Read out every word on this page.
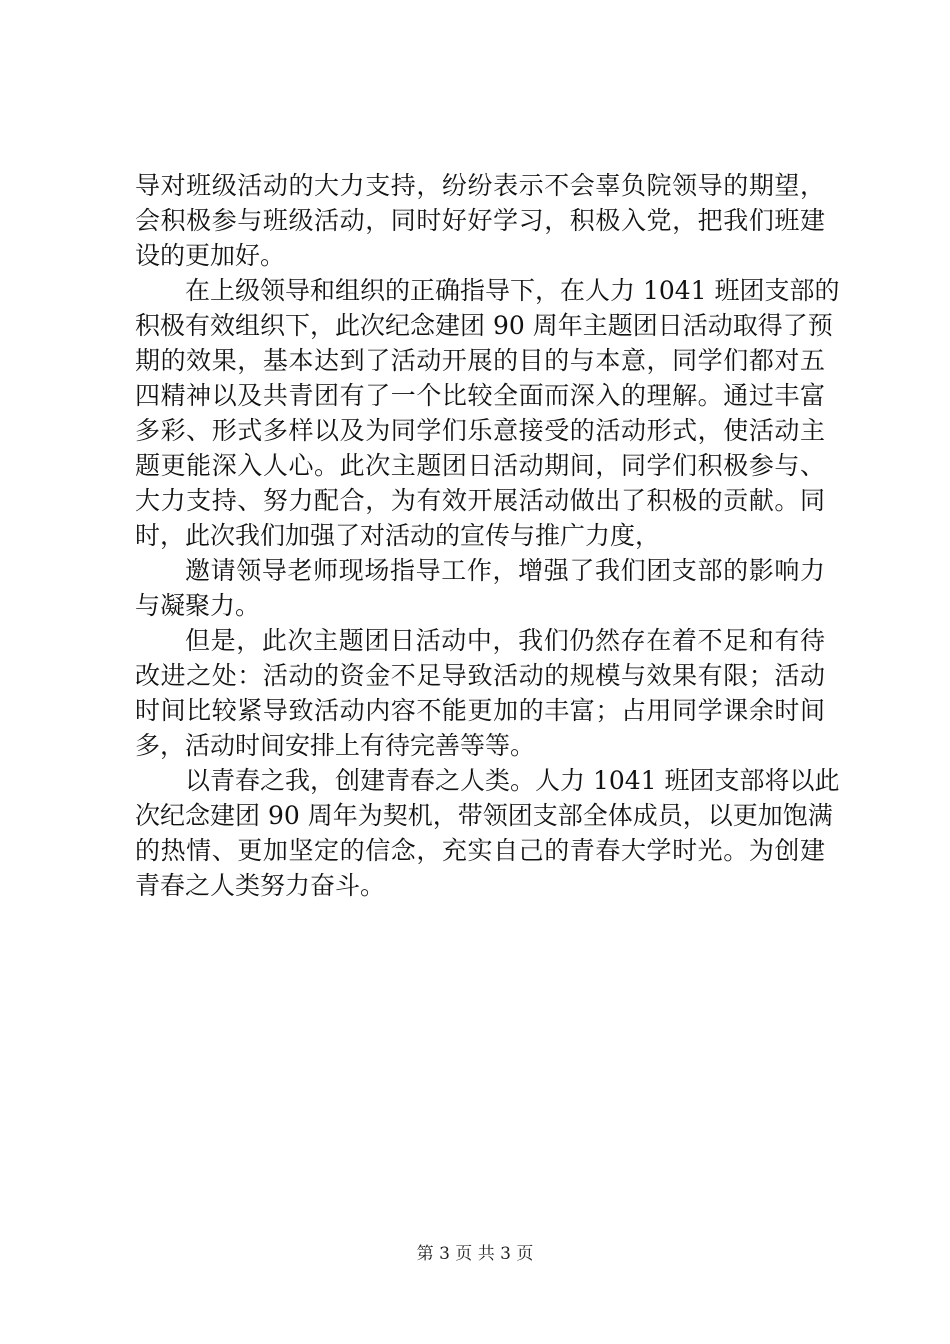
导对班级活动的大力支持，纷纷表示不会辜负院领导的期望，
会积极参与班级活动，同时好好学习，积极入党，把我们班建
设的更加好。
在上级领导和组织的正确指导下，在人力 1041 班团支部的
积极有效组织下，此次纪念建团 90 周年主题团日活动取得了预
期的效果，基本达到了活动开展的目的与本意，同学们都对五
四精神以及共青团有了一个比较全面而深入的理解。通过丰富
多彩、形式多样以及为同学们乐意接受的活动形式，使活动主
题更能深入人心。此次主题团日活动期间，同学们积极参与、
大力支持、努力配合，为有效开展活动做出了积极的贡献。同
时，此次我们加强了对活动的宣传与推广力度，
邀请领导老师现场指导工作，增强了我们团支部的影响力
与凝聚力。
但是，此次主题团日活动中，我们仍然存在着不足和有待
改进之处：活动的资金不足导致活动的规模与效果有限；活动
时间比较紧导致活动内容不能更加的丰富；占用同学课余时间
多，活动时间安排上有待完善等等。
以青春之我，创建青春之人类。人力 1041 班团支部将以此
次纪念建团 90 周年为契机，带领团支部全体成员，以更加饱满
的热情、更加坚定的信念，充实自己的青春大学时光。为创建
青春之人类努力奋斗。
第 3 页 共 3 页
